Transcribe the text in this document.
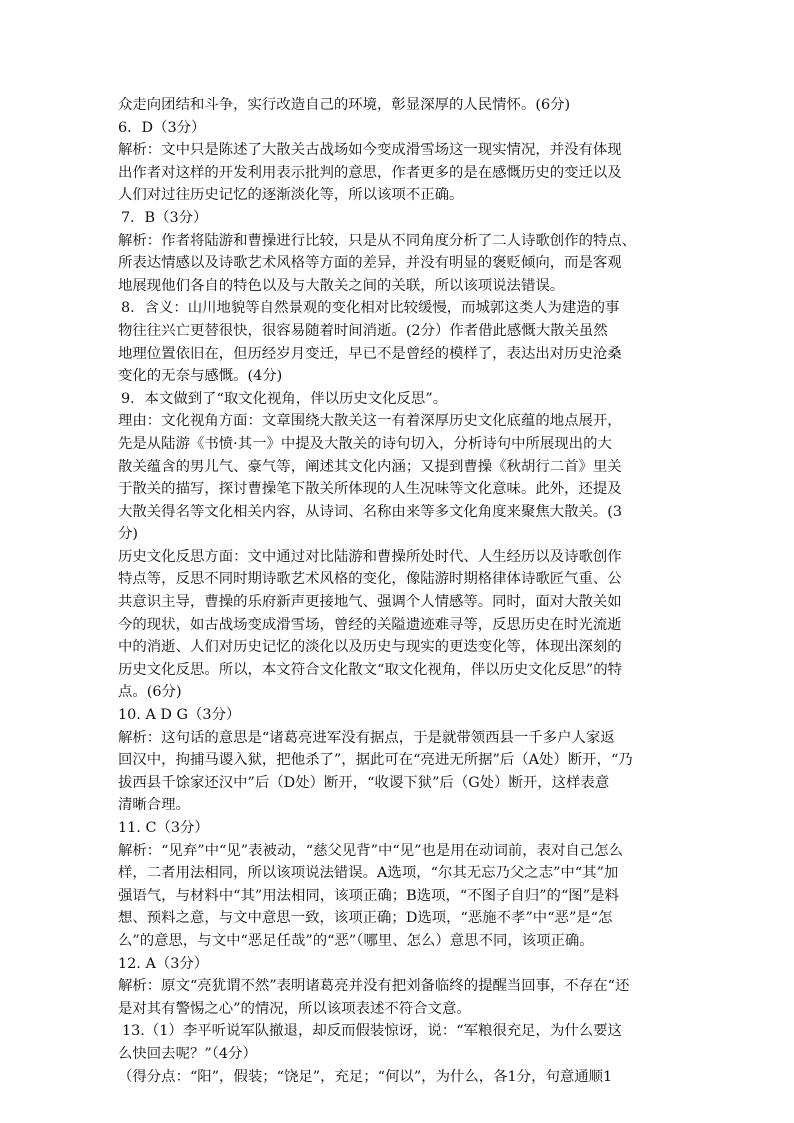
众走向团结和斗争，实行改造自己的环境，彰显深厚的人民情怀。(6分)
6．D（3分）
解析：文中只是陈述了大散关古战场如今变成滑雪场这一现实情况，并没有体现
出作者对这样的开发利用表示批判的意思，作者更多的是在感慨历史的变迁以及
人们对过往历史记忆的逐渐淡化等，所以该项不正确。
7．B（3分）
解析：作者将陆游和曹操进行比较，只是从不同角度分析了二人诗歌创作的特点、
所表达情感以及诗歌艺术风格等方面的差异，并没有明显的褒贬倾向，而是客观
地展现他们各自的特色以及与大散关之间的关联，所以该项说法错误。
8．含义：山川地貌等自然景观的变化相对比较缓慢，而城郭这类人为建造的事
物往往兴亡更替很快，很容易随着时间消逝。(2分）作者借此感慨大散关虽然
地理位置依旧在，但历经岁月变迁，早已不是曾经的模样了，表达出对历史沧桑
变化的无奈与感慨。(4分)
9．本文做到了“取文化视角，伴以历史文化反思”。
理由：文化视角方面：文章围绕大散关这一有着深厚历史文化底蕴的地点展开，
先是从陆游《书愤·其一》中提及大散关的诗句切入，分析诗句中所展现出的大
散关蕴含的男儿气、豪气等，阐述其文化内涵；又提到曹操《秋胡行二首》里关
于散关的描写，探讨曹操笔下散关所体现的人生况味等文化意味。此外，还提及
大散关得名等文化相关内容，从诗词、名称由来等多文化角度来聚焦大散关。(3
分)
历史文化反思方面：文中通过对比陆游和曹操所处时代、人生经历以及诗歌创作
特点等，反思不同时期诗歌艺术风格的变化，像陆游时期格律体诗歌匠气重、公
共意识主导，曹操的乐府新声更接地气、强调个人情感等。同时，面对大散关如
今的现状，如古战场变成滑雪场，曾经的关隘遗迹难寻等，反思历史在时光流逝
中的消逝、人们对历史记忆的淡化以及历史与现实的更迭变化等，体现出深刻的
历史文化反思。所以，本文符合文化散文“取文化视角，伴以历史文化反思”的特
点。(6分)
10. A D G（3分）
解析：这句话的意思是“诸葛亮进军没有据点，于是就带领西县一千多户人家返
回汉中，拘捕马谡入狱，把他杀了”，据此可在“亮进无所据”后（A处）断开，“乃
拔西县千馀家还汉中”后（D处）断开，“收谡下狱”后（G处）断开，这样表意
清晰合理。
11. C（3分）
解析：“见弃”中“见”表被动，“慈父见背”中“见”也是用在动词前，表对自己怎么
样，二者用法相同，所以该项说法错误。A选项，“尔其无忘乃父之志”中“其”加
强语气，与材料中“其”用法相同，该项正确；B选项，“不图子自归”的“图”是料
想、预料之意，与文中意思一致，该项正确；D选项，“恶施不孝”中“恶”是“怎
么”的意思，与文中“恶足任哉”的“恶”（哪里、怎么）意思不同，该项正确。
12. A（3分）
解析：原文“亮犹谓不然”表明诸葛亮并没有把刘备临终的提醒当回事，不存在“还
是对其有警惕之心”的情况，所以该项表述不符合文意。
13.（1）李平听说军队撤退，却反而假装惊讶，说：“军粮很充足，为什么要这
么快回去呢？”（4分）
（得分点：“阳”，假装；“饶足”，充足；“何以”，为什么，各1分，句意通顺1
